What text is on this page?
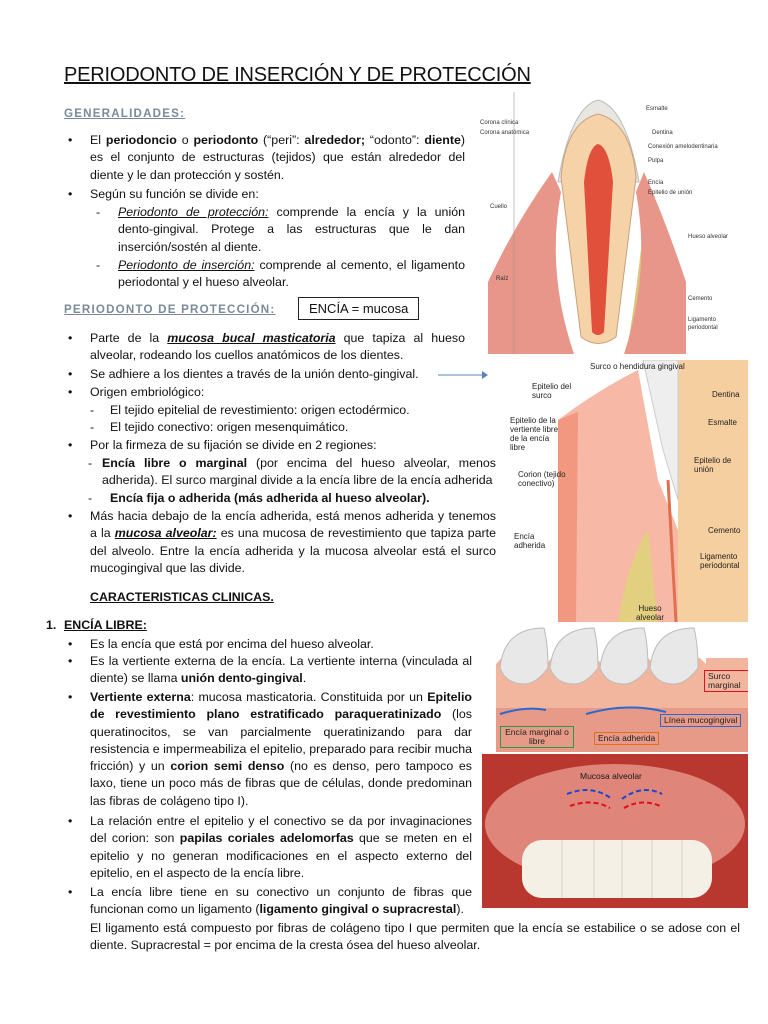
PERIODONTO DE INSERCIÓN Y DE PROTECCIÓN
GENERALIDADES:
• El periodoncio o periodonto (“peri”: alrededor; “odonto”: diente) es el conjunto de estructuras (tejidos) que están alrededor del diente y le dan protección y sostén.
• Según su función se divide en:
- Periodonto de protección: comprende la encía y la unión dento-gingival. Protege a las estructuras que le dan inserción/sostén al diente.
- Periodonto de inserción: comprende al cemento, el ligamento periodontal y el hueso alveolar.
PERIODONTO DE PROTECCIÓN:	ENCÍA = mucosa
• Parte de la mucosa bucal masticatoria que tapiza al hueso alveolar, rodeando los cuellos anatómicos de los dientes.
• Se adhiere a los dientes a través de la unión dento-gingival.
• Origen embriológico:
- El tejido epitelial de revestimiento: origen ectodérmico.
- El tejido conectivo: origen mesenquimático.
• Por la firmeza de su fijación se divide en 2 regiones:
- Encía libre o marginal (por encima del hueso alveolar, menos adherida). El surco marginal divide a la encía libre de la encía adherida
- Encía fija o adherida (más adherida al hueso alveolar).
• Más hacia debajo de la encía adherida, está menos adherida y tenemos a la mucosa alveolar: es una mucosa de revestimiento que tapiza parte del alveolo. Entre la encía adherida y la mucosa alveolar está el surco mucogingival que las divide.
CARACTERISTICAS CLINICAS.
1. ENCÍA LIBRE:
• Es la encía que está por encima del hueso alveolar.
• Es la vertiente externa de la encía. La vertiente interna (vinculada al diente) se llama unión dento-gingival.
• Vertiente externa: mucosa masticatoria. Constituida por un Epitelio de revestimiento plano estratificado paraqueratinizado (los queratinocitos, se van parcialmente queratinizando para dar resistencia e impermeabiliza el epitelio, preparado para recibir mucha fricción) y un corion semi denso (no es denso, pero tampoco es laxo, tiene un poco más de fibras que de células, donde predominan las fibras de colágeno tipo I).
• La relación entre el epitelio y el conectivo se da por invaginaciones del corion: son papilas coriales adelomorfas que se meten en el epitelio y no generan modificaciones en el aspecto externo del epitelio, en el aspecto de la encía libre.
• La encía libre tiene en su conectivo un conjunto de fibras que funcionan como un ligamento (ligamento gingival o supracrestal).
El ligamento está compuesto por fibras de colágeno tipo I que permiten que la encía se estabilice o se adose con el diente. Supracrestal = por encima de la cresta ósea del hueso alveolar.
Corona anatómica
Corona clínica
Cuello
Raíz
Esmalte
Dentina
Conexión amelodentinaria
Pulpa
Encía
Epitelio de unión
Hueso alveolar
Cemento
Ligamento periodontal
Surco o hendidura gingival
Epitelio del surco
Epitelio de la vertiente libre de la encía libre
Corion (tejido conectivo)
Encía adherida
Dentina
Esmalte
Epitelio de unión
Cemento
Ligamento periodontal
Hueso alveolar
Surco marginal
Línea mucogingival
Encía marginal o libre	Encía adherida
Mucosa alveolar
